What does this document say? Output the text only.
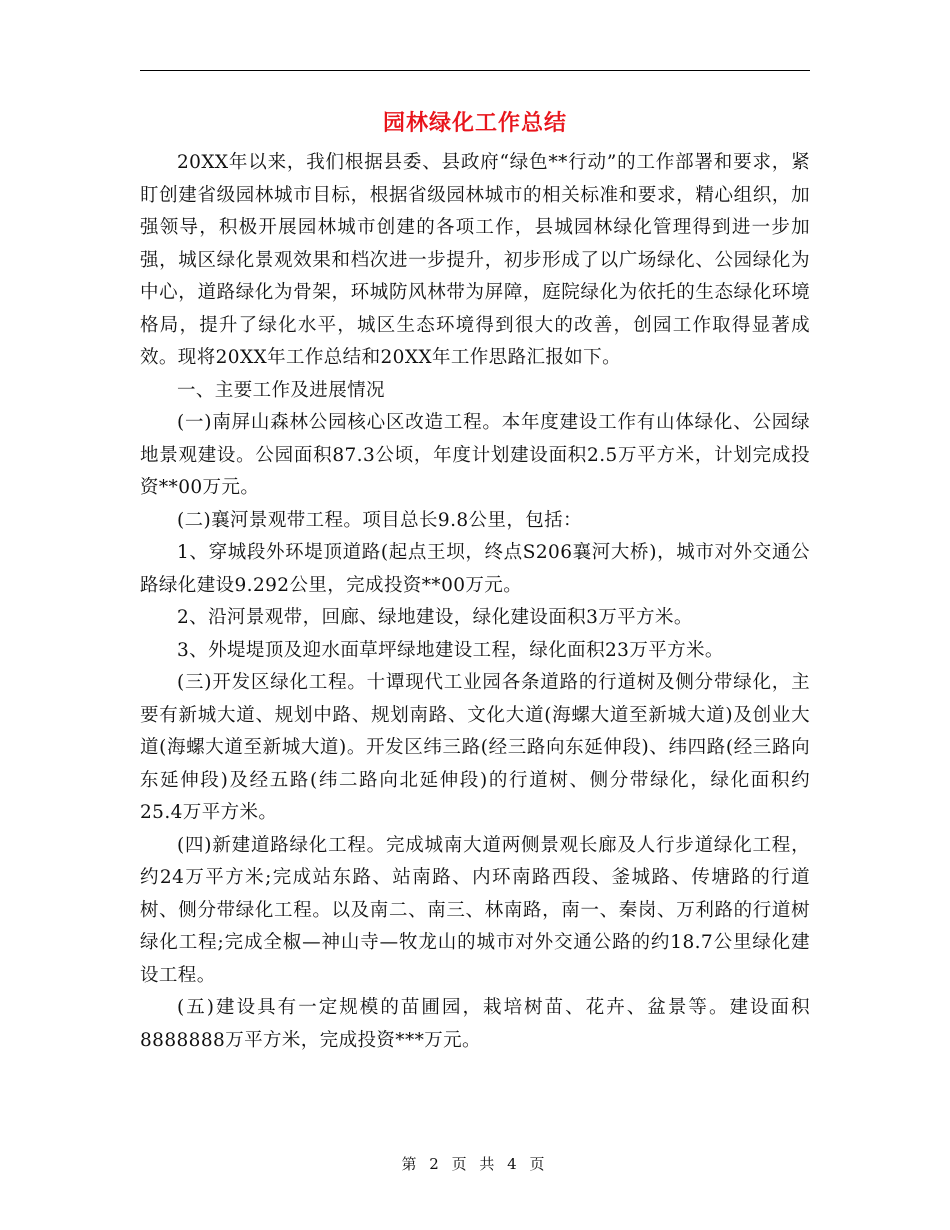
园林绿化工作总结

20XX年以来，我们根据县委、县政府“绿色**行动”的工作部署和要求，紧盯创建省级园林城市目标，根据省级园林城市的相关标准和要求，精心组织，加强领导，积极开展园林城市创建的各项工作，县城园林绿化管理得到进一步加强，城区绿化景观效果和档次进一步提升，初步形成了以广场绿化、公园绿化为中心，道路绿化为骨架，环城防风林带为屏障，庭院绿化为依托的生态绿化环境格局，提升了绿化水平，城区生态环境得到很大的改善，创园工作取得显著成效。现将20XX年工作总结和20XX年工作思路汇报如下。

一、主要工作及进展情况

(一)南屏山森林公园核心区改造工程。本年度建设工作有山体绿化、公园绿地景观建设。公园面积87.3公顷，年度计划建设面积2.5万平方米，计划完成投资**00万元。

(二)襄河景观带工程。项目总长9.8公里，包括：

1、穿城段外环堤顶道路(起点王坝，终点S206襄河大桥)，城市对外交通公路绿化建设9.292公里，完成投资**00万元。

2、沿河景观带，回廊、绿地建设，绿化建设面积3万平方米。

3、外堤堤顶及迎水面草坪绿地建设工程，绿化面积23万平方米。

(三)开发区绿化工程。十谭现代工业园各条道路的行道树及侧分带绿化，主要有新城大道、规划中路、规划南路、文化大道(海螺大道至新城大道)及创业大道(海螺大道至新城大道)。开发区纬三路(经三路向东延伸段)、纬四路(经三路向东延伸段)及经五路(纬二路向北延伸段)的行道树、侧分带绿化，绿化面积约25.4万平方米。

(四)新建道路绿化工程。完成城南大道两侧景观长廊及人行步道绿化工程，约24万平方米;完成站东路、站南路、内环南路西段、釜城路、传塘路的行道树、侧分带绿化工程。以及南二、南三、林南路，南一、秦岗、万利路的行道树绿化工程;完成全椒—神山寺—牧龙山的城市对外交通公路的约18.7公里绿化建设工程。

(五)建设具有一定规模的苗圃园，栽培树苗、花卉、盆景等。建设面积8888888万平方米，完成投资***万元。

第 2 页 共 4 页
